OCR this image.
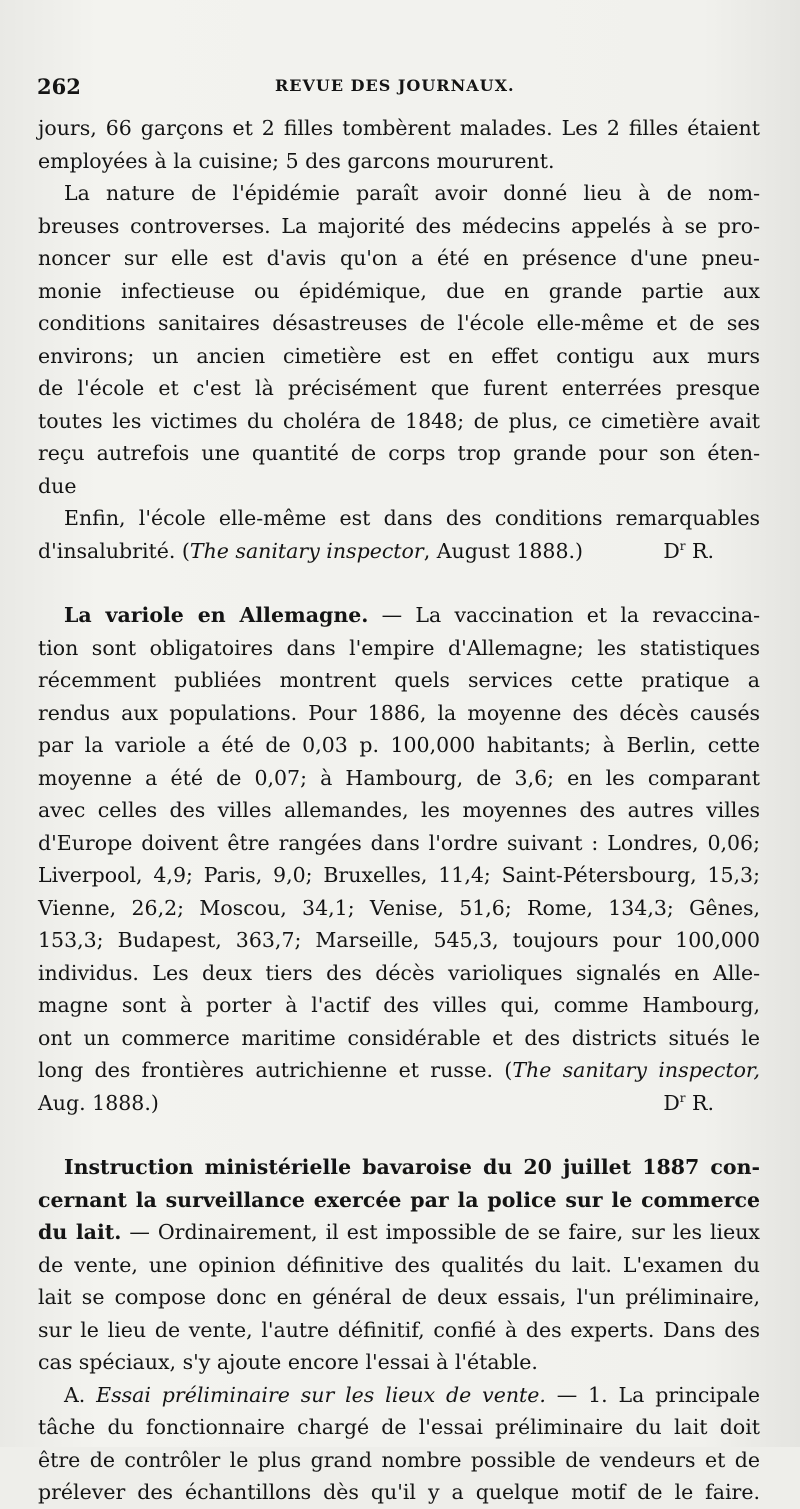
262	REVUE DES JOURNAUX.
jours, 66 garçons et 2 filles tombèrent malades. Les 2 filles étaient
employées à la cuisine; 5 des garcons moururent.
La nature de l'épidémie paraît avoir donné lieu à de nom-
breuses controverses. La majorité des médecins appelés à se pro-
noncer sur elle est d'avis qu'on a été en présence d'une pneu-
monie infectieuse ou épidémique, due en grande partie aux
conditions sanitaires désastreuses de l'école elle-même et de ses
environs; un ancien cimetière est en effet contigu aux murs
de l'école et c'est là précisément que furent enterrées presque
toutes les victimes du choléra de 1848; de plus, ce cimetière avait
reçu autrefois une quantité de corps trop grande pour son éten-
due
Enfin, l'école elle-même est dans des conditions remarquables
d'insalubrité. (The sanitary inspector, August 1888.)	$D^r$ R.
La variole en Allemagne. — La vaccination et la revaccina-
tion sont obligatoires dans l'empire d'Allemagne; les statistiques
récemment publiées montrent quels services cette pratique a
rendus aux populations. Pour 1886, la moyenne des décès causés
par la variole a été de 0,03 p. 100,000 habitants; à Berlin, cette
moyenne a été de 0,07; à Hambourg, de 3,6; en les comparant
avec celles des villes allemandes, les moyennes des autres villes
d'Europe doivent être rangées dans l'ordre suivant : Londres, 0,06;
Liverpool, 4,9; Paris, 9,0; Bruxelles, 11,4; Saint-Pétersbourg, 15,3;
Vienne, 26,2; Moscou, 34,1; Venise, 51,6; Rome, 134,3; Gênes,
153,3; Budapest, 363,7; Marseille, 545,3, toujours pour 100,000
individus. Les deux tiers des décès varioliques signalés en Alle-
magne sont à porter à l'actif des villes qui, comme Hambourg,
ont un commerce maritime considérable et des districts situés le
long des frontières autrichienne et russe. (The sanitary inspector,
Aug. 1888.)	$D^r$ R.
Instruction ministérielle bavaroise du 20 juillet 1887 con-
cernant la surveillance exercée par la police sur le commerce
du lait. — Ordinairement, il est impossible de se faire, sur les lieux
de vente, une opinion définitive des qualités du lait. L'examen du
lait se compose donc en général de deux essais, l'un préliminaire,
sur le lieu de vente, l'autre définitif, confié à des experts. Dans des
cas spéciaux, s'y ajoute encore l'essai à l'étable.
A. Essai préliminaire sur les lieux de vente. — 1. La principale
tâche du fonctionnaire chargé de l'essai préliminaire du lait doit
être de contrôler le plus grand nombre possible de vendeurs et de
prélever des échantillons dès qu'il y a quelque motif de le faire.
